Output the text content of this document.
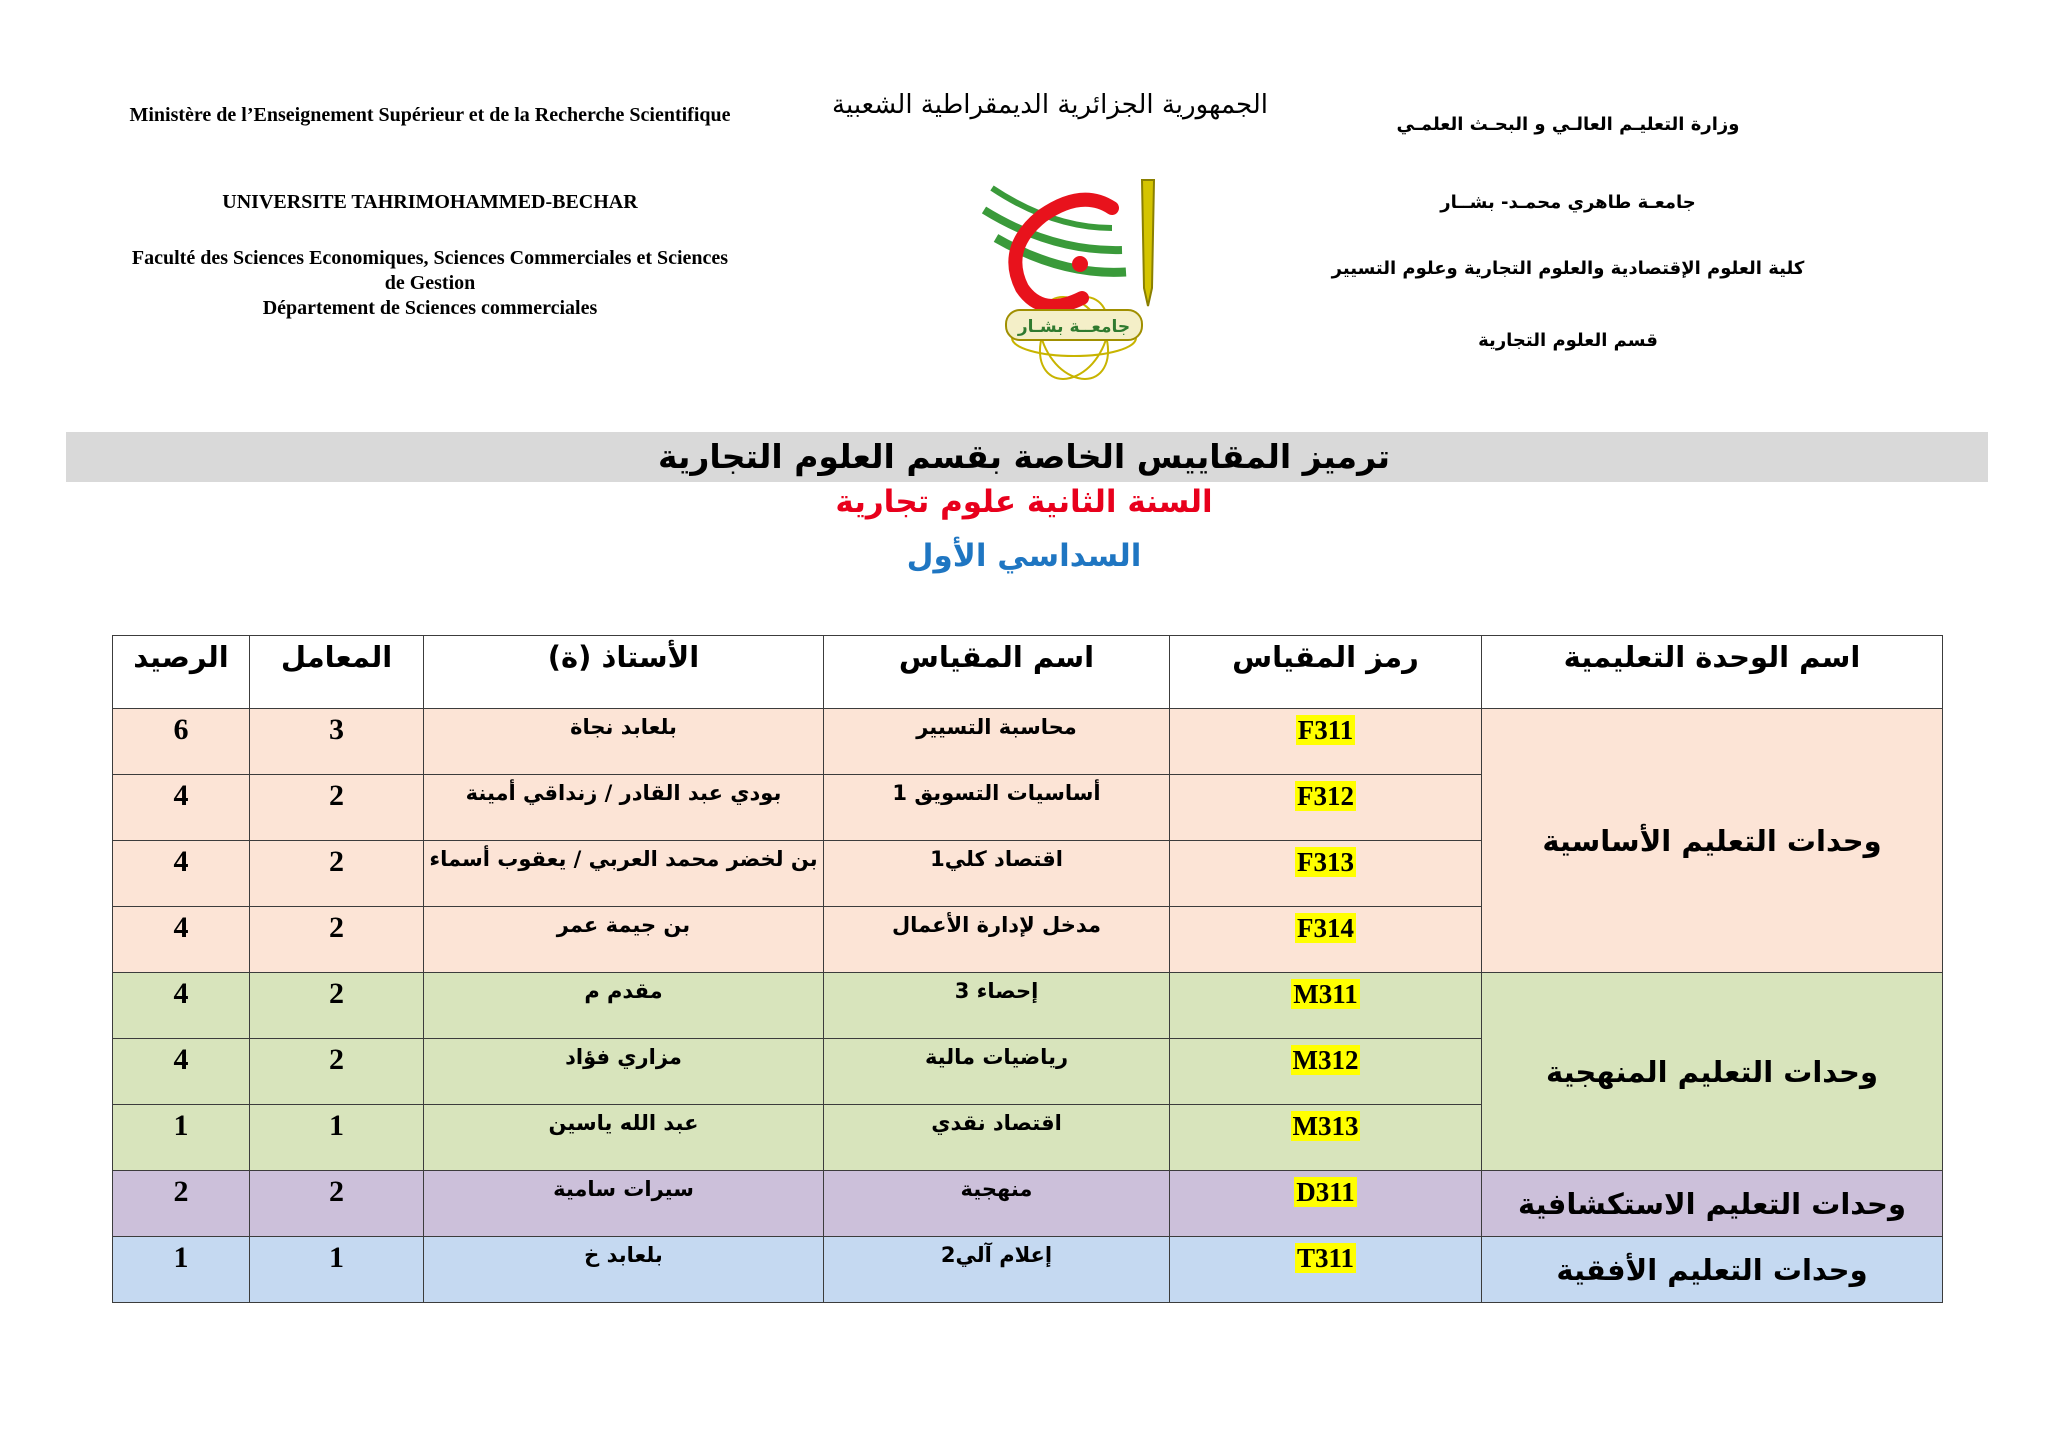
Ministère de l’Enseignement Supérieur et de la Recherche Scientifique
UNIVERSITE TAHRIMOHAMMED-BECHAR
Faculté des Sciences Economiques, Sciences Commerciales et Sciences de Gestion
Département de Sciences commerciales
الجمهورية الجزائرية الديمقراطية الشعبية
جامعــة بشـار
وزارة التعليـم العالـي و البحـث العلمـي
جامعـة طاهري محمـد- بشــار
كلية العلوم الإقتصادية والعلوم التجارية وعلوم التسيير
قسم العلوم التجارية
ترميز المقاييس الخاصة بقسم العلوم التجارية
السنة الثانية علوم تجارية
السداسي الأول
اسم الوحدة التعليمية	رمز المقياس	اسم المقياس	الأستاذ (ة)	المعامل	الرصيد
وحدات التعليم الأساسية	F311	محاسبة التسيير	بلعابد نجاة	3	6
	F312	أساسيات التسويق 1	بودي عبد القادر / زنداقي أمينة	2	4
	F313	اقتصاد كلي1	بن لخضر محمد العربي / يعقوب أسماء	2	4
	F314	مدخل لإدارة الأعمال	بن جيمة عمر	2	4
وحدات التعليم المنهجية	M311	إحصاء 3	مقدم م	2	4
	M312	رياضيات مالية	مزاري فؤاد	2	4
	M313	اقتصاد نقدي	عبد الله ياسين	1	1
وحدات التعليم الاستكشافية	D311	منهجية	سيرات سامية	2	2
وحدات التعليم الأفقية	T311	إعلام آلي2	بلعابد خ	1	1
